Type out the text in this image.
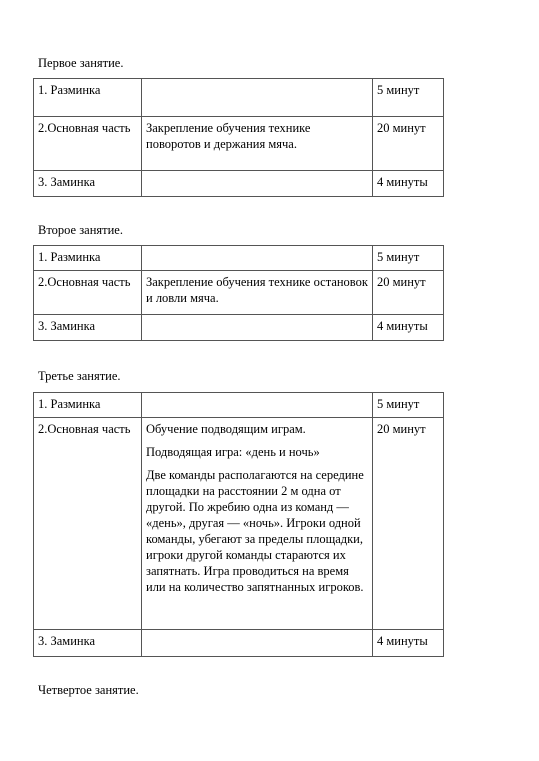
Первое занятие.

1. Разминка		5 минут
2.Основная часть	Закрепление обучения технике поворотов и держания мяча.	20 минут
3. Заминка		4 минуты

Второе занятие.

1. Разминка		5 минут
2.Основная часть	Закрепление обучения технике остановок и ловли мяча.	20 минут
3. Заминка		4 минуты

Третье занятие.

1. Разминка		5 минут
2.Основная часть	Обучение подводящим играм.

Подводящая игра: «день и ночь»

Две команды располагаются на середине площадки на расстоянии 2 м одна от другой. По жребию одна из команд — «день», другая — «ночь». Игроки одной команды, убегают за пределы площадки, игроки другой команды стараются их запятнать. Игра проводиться на время или на количество запятнанных игроков.	20 минут
3. Заминка		4 минуты

Четвертое занятие.
